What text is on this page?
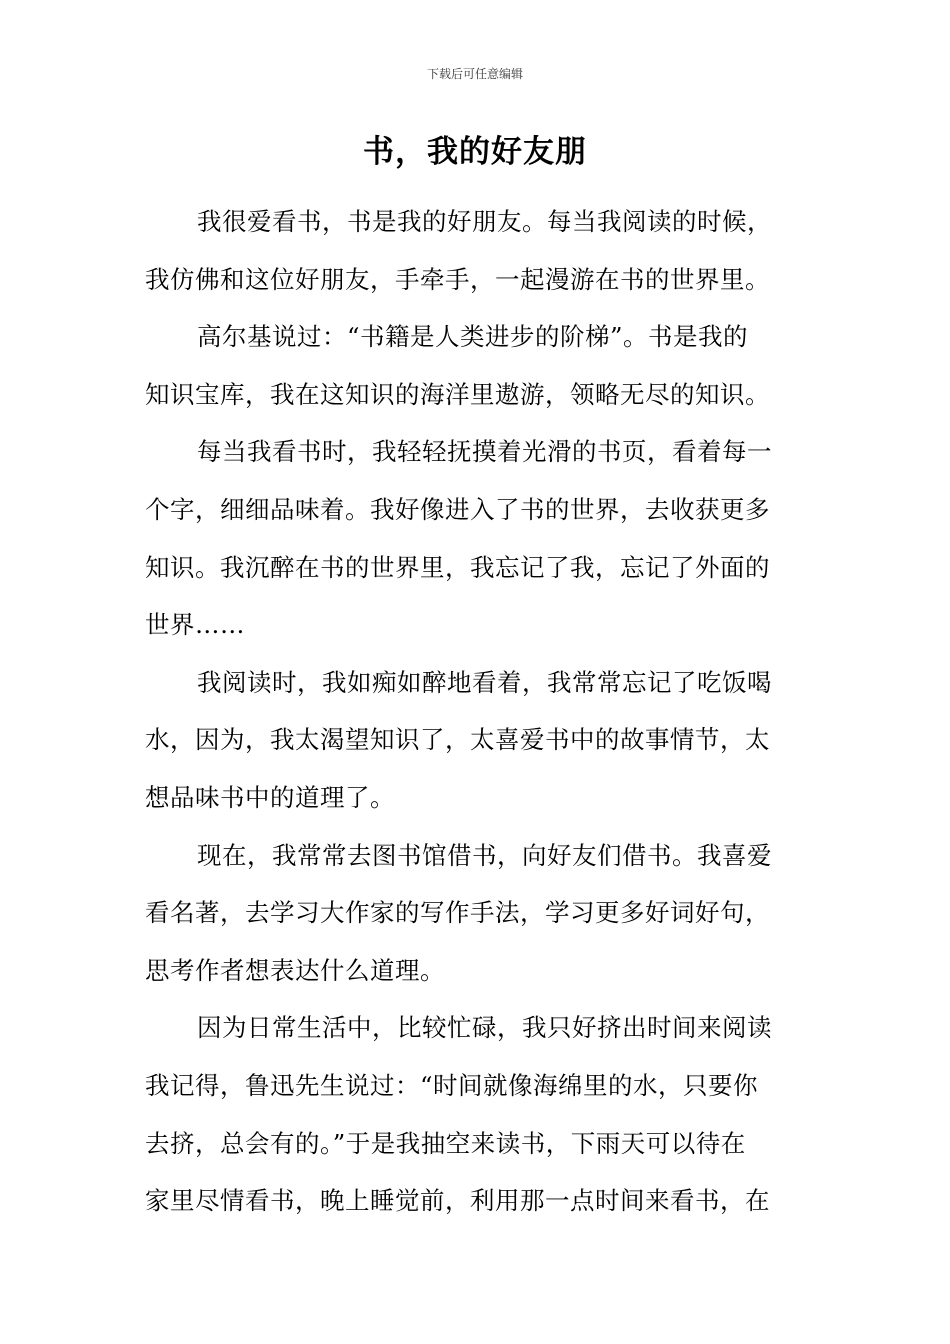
下载后可任意编辑
书，我的好友朋
我很爱看书，书是我的好朋友。每当我阅读的时候，
我仿佛和这位好朋友，手牵手，一起漫游在书的世界里。
高尔基说过：“书籍是人类进步的阶梯”。书是我的
知识宝库，我在这知识的海洋里遨游，领略无尽的知识。
每当我看书时，我轻轻抚摸着光滑的书页，看着每一
个字，细细品味着。我好像进入了书的世界，去收获更多
知识。我沉醉在书的世界里，我忘记了我，忘记了外面的
世界……
我阅读时，我如痴如醉地看着，我常常忘记了吃饭喝
水，因为，我太渴望知识了，太喜爱书中的故事情节，太
想品味书中的道理了。
现在，我常常去图书馆借书，向好友们借书。我喜爱
看名著，去学习大作家的写作手法，学习更多好词好句，
思考作者想表达什么道理。
因为日常生活中，比较忙碌，我只好挤出时间来阅读
我记得，鲁迅先生说过：“时间就像海绵里的水，只要你
去挤，总会有的。”于是我抽空来读书，下雨天可以待在
家里尽情看书，晚上睡觉前，利用那一点时间来看书，在
